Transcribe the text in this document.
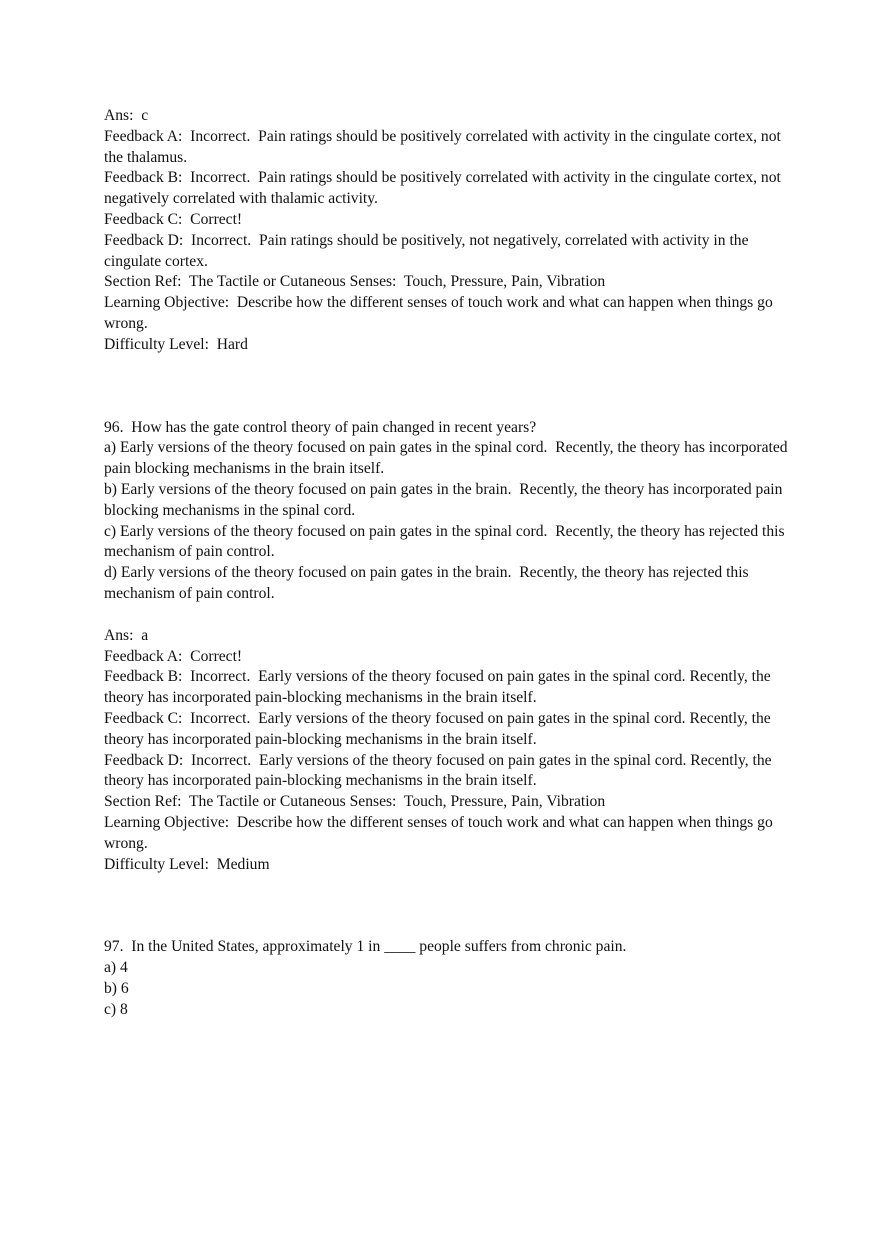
Ans:  c

Feedback A:  Incorrect.  Pain ratings should be positively correlated with activity in the cingulate cortex, not the thalamus.

Feedback B:  Incorrect.  Pain ratings should be positively correlated with activity in the cingulate cortex, not negatively correlated with thalamic activity.

Feedback C:  Correct!

Feedback D:  Incorrect.  Pain ratings should be positively, not negatively, correlated with activity in the cingulate cortex.

Section Ref:  The Tactile or Cutaneous Senses:  Touch, Pressure, Pain, Vibration

Learning Objective:  Describe how the different senses of touch work and what can happen when things go wrong.

Difficulty Level:  Hard

96.  How has the gate control theory of pain changed in recent years?

a) Early versions of the theory focused on pain gates in the spinal cord.  Recently, the theory has incorporated pain blocking mechanisms in the brain itself.

b) Early versions of the theory focused on pain gates in the brain.  Recently, the theory has incorporated pain blocking mechanisms in the spinal cord.

c) Early versions of the theory focused on pain gates in the spinal cord.  Recently, the theory has rejected this mechanism of pain control.

d) Early versions of the theory focused on pain gates in the brain.  Recently, the theory has rejected this mechanism of pain control.

Ans:  a

Feedback A:  Correct!

Feedback B:  Incorrect.  Early versions of the theory focused on pain gates in the spinal cord. Recently, the theory has incorporated pain-blocking mechanisms in the brain itself.

Feedback C:  Incorrect.  Early versions of the theory focused on pain gates in the spinal cord. Recently, the theory has incorporated pain-blocking mechanisms in the brain itself.

Feedback D:  Incorrect.  Early versions of the theory focused on pain gates in the spinal cord. Recently, the theory has incorporated pain-blocking mechanisms in the brain itself.

Section Ref:  The Tactile or Cutaneous Senses:  Touch, Pressure, Pain, Vibration

Learning Objective:  Describe how the different senses of touch work and what can happen when things go wrong.

Difficulty Level:  Medium

97.  In the United States, approximately 1 in ____ people suffers from chronic pain.

a) 4

b) 6

c) 8
